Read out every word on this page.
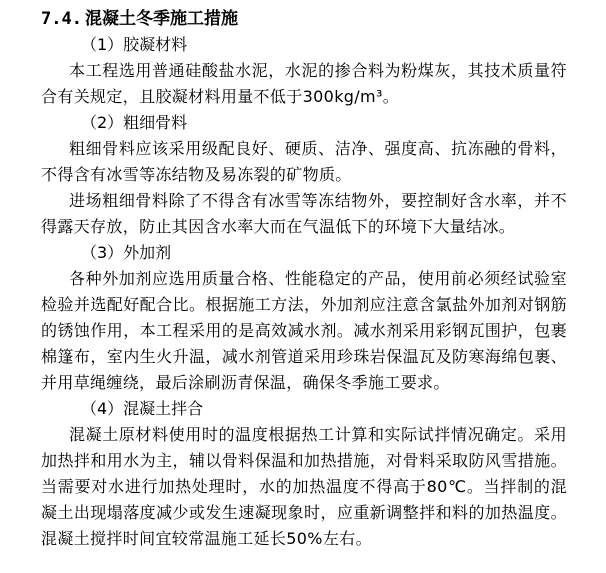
7.4. 混凝土冬季施工措施
（1）胶凝材料

本工程选用普通硅酸盐水泥，水泥的掺合料为粉煤灰，其技术质量符合有关规定，且胶凝材料用量不低于300kg/m³。

（2）粗细骨料

粗细骨料应该采用级配良好、硬质、洁净、强度高、抗冻融的骨料，不得含有冰雪等冻结物及易冻裂的矿物质。

进场粗细骨料除了不得含有冰雪等冻结物外，要控制好含水率，并不得露天存放，防止其因含水率大而在气温低下的环境下大量结冰。

（3）外加剂

各种外加剂应选用质量合格、性能稳定的产品，使用前必须经试验室检验并选配好配合比。根据施工方法，外加剂应注意含氯盐外加剂对钢筋的锈蚀作用，本工程采用的是高效减水剂。减水剂采用彩钢瓦围护，包裹棉篷布，室内生火升温，减水剂管道采用珍珠岩保温瓦及防寒海绵包裹、并用草绳缠绕，最后涂刷沥青保温，确保冬季施工要求。

（4）混凝土拌合

混凝土原材料使用时的温度根据热工计算和实际试拌情况确定。采用加热拌和用水为主，辅以骨料保温和加热措施，对骨料采取防风雪措施。当需要对水进行加热处理时，水的加热温度不得高于80℃。当拌制的混凝土出现塌落度减少或发生速凝现象时，应重新调整拌和料的加热温度。混凝土搅拌时间宜较常温施工延长50%左右。
